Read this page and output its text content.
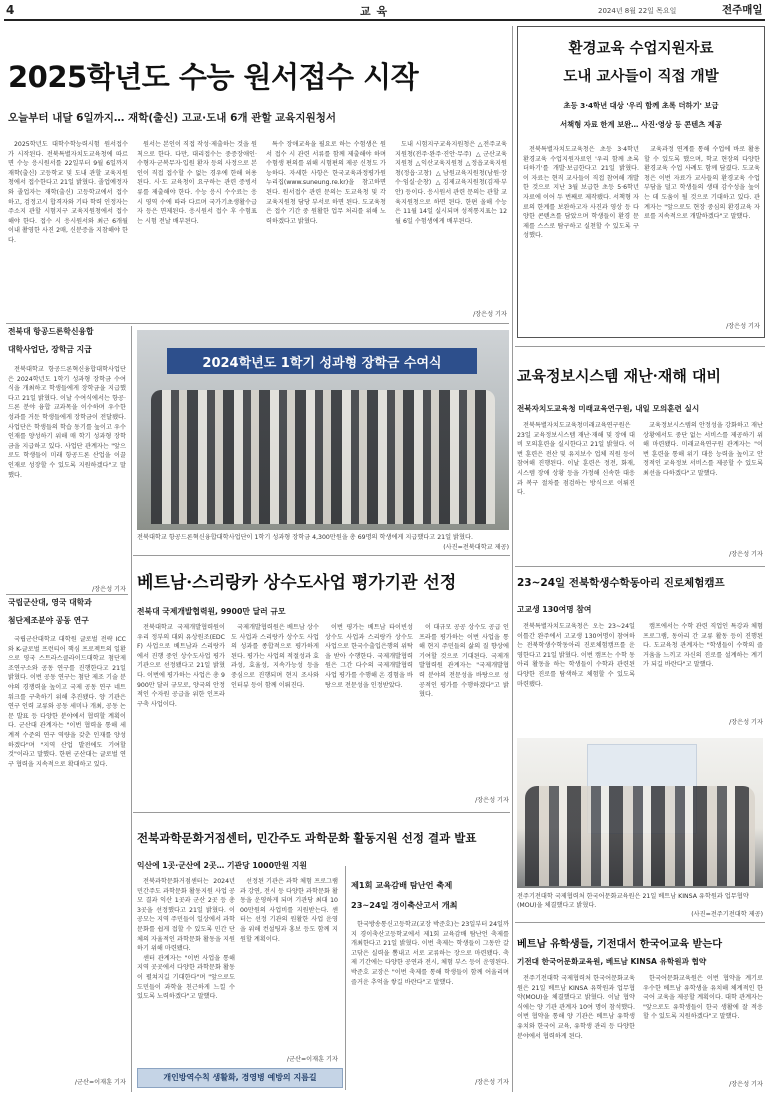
4	교 육	2024년 8월 22일 목요일	전주매일
2025학년도 수능 원서접수 시작
오늘부터 내달 6일까지… 재학(출신) 고교·도내 6개 관할 교육지원청서

2025학년도 대학수학능력시험 원서접수가 시작된다. 전북특별자치도교육청에 따르면 수능 응시원서를 22일부터 9월 6일까지 재학(출신) 고등학교 및 도내 관할 교육지원청에서 접수한다고 21일 밝혔다. 졸업예정자와 졸업자는 재학(출신) 고등학교에서 접수하고, 검정고시 합격자와 기타 학력 인정자는 주소지 관할 시험지구 교육지원청에서 접수해야 한다. 접수 시 응시원서와 최근 6개월 이내 촬영한 사진 2매, 신분증을 지참해야 한다.

원서는 본인이 직접 작성·제출하는 것을 원칙으로 한다. 다만, 대리접수는 중증장애인·수형자·군복무자·입원 환자 등의 사정으로 본인이 직접 접수할 수 없는 경우에 한해 허용된다. 시·도 교육청이 요구하는 관련 증빙서류를 제출해야 한다. 수능 응시 수수료는 응시 영역 수에 따라 다르며 국가기초생활수급자 등은 면제된다. 응시원서 접수 후 수험표는 시험 전날 배부된다.

특수 장애교육을 필요로 하는 수험생은 원서 접수 시 관련 서류를 함께 제출해야 하며 수험생 편의를 위해 시험편의 제공 신청도 가능하다. 자세한 사항은 한국교육과정평가원 누리집(www.suneung.re.kr)을 참고하면 된다. 원서접수 관련 문의는 도교육청 및 각 교육지원청 담당 부서로 하면 된다. 도교육청은 접수 기간 중 원활한 업무 처리를 위해 노력하겠다고 밝혔다.

도내 시험지구교육지원청은 △전주교육지원청(전주·완주·진안·무주) △군산교육지원청 △익산교육지원청 △정읍교육지원청(정읍·고창) △남원교육지원청(남원·장수·임실·순창) △김제교육지원청(김제·부안) 등이다. 응시원서 관련 문의는 관할 교육지원청으로 하면 된다. 한편 올해 수능은 11월 14일 실시되며 성적통지표는 12월 6일 수험생에게 배부된다.

/장은성 기자
환경교육 수업지원자료
도내 교사들이 직접 개발
초등 3·4학년 대상 '우리 함께 초록 더하기' 보급
서책형 자료 한계 보완… 사진·영상 등 콘텐츠 제공

전북특별자치도교육청은 초등 3·4학년 환경교육 수업지원자료인 '우리 함께 초록 더하기'를 개발·보급한다고 21일 밝혔다. 이 자료는 현직 교사들이 직접 참여해 개발한 것으로 지난 3월 보급한 초등 5·6학년 자료에 이어 두 번째로 제작됐다. 서책형 자료의 한계를 보완하고자 사진과 영상 등 다양한 콘텐츠를 담았으며 학생들이 환경 문제를 스스로 탐구하고 실천할 수 있도록 구성했다.

교육과정 연계를 통해 수업에 바로 활용할 수 있도록 했으며, 학교 현장의 다양한 환경교육 수업 사례도 함께 담겼다. 도교육청은 이번 자료가 교사들의 환경교육 수업 부담을 덜고 학생들의 생태 감수성을 높이는 데 도움이 될 것으로 기대하고 있다. 관계자는 "앞으로도 현장 중심의 환경교육 자료를 지속적으로 개발하겠다"고 말했다.

/장은성 기자
전북대 항공드론학신융합
대학사업단, 장학금 지급

전북대학교 항공드론혁신융합대학사업단은 2024학년도 1학기 성과형 장학금 수여식을 개최하고 학생들에게 장학금을 지급했다고 21일 밝혔다. 이날 수여식에서는 항공·드론 분야 융합 교과목을 이수하며 우수한 성과를 거둔 학생들에게 장학금이 전달됐다. 사업단은 학생들의 학습 동기를 높이고 우수 인재를 양성하기 위해 매 학기 성과형 장학금을 지급하고 있다. 사업단 관계자는 "앞으로도 학생들이 미래 항공드론 산업을 이끌 인재로 성장할 수 있도록 지원하겠다"고 말했다.

/장은성 기자
2024학년도 1학기 성과형 장학금 수여식
전북대학교 항공드론혁신융합대학사업단이 1학기 성과형 장학금 4,300만원을 총 69명의 학생에게 지급했다고 21일 밝혔다.
(사진=전북대학교 제공)
베트남·스리랑카 상수도사업 평가기관 선정
전북대 국제개발협력원, 9900만 달러 규모

전북대학교 국제개발협력원이 우리 정부의 대외 유상원조(EDCF) 사업으로 베트남과 스리랑카에서 진행 중인 상수도사업 평가기관으로 선정됐다고 21일 밝혔다. 이번에 평가하는 사업은 총 9900만 달러 규모로, 양국의 안정적인 수자원 공급을 위한 인프라 구축 사업이다.

국제개발협력원은 베트남 상수도 사업과 스리랑카 상수도 사업의 성과를 종합적으로 평가하게 된다. 평가는 사업의 적절성과 효과성, 효율성, 지속가능성 등을 중심으로 진행되며 현지 조사와 인터뷰 등이 함께 이뤄진다.

이번 평가는 베트남 타이빈성 상수도 사업과 스리랑카 상수도 사업으로 한국수출입은행의 위탁을 받아 수행한다. 국제개발협력원은 그간 다수의 국제개발협력 사업 평가를 수행해 온 경험을 바탕으로 전문성을 인정받았다.

이 대규모 공공 상수도 공급 인프라를 평가하는 이번 사업을 통해 현지 주민들의 삶의 질 향상에 기여할 것으로 기대된다. 국제개발협력원 관계자는 "국제개발협력 분야의 전문성을 바탕으로 성공적인 평가를 수행하겠다"고 밝혔다.

/장은성 기자
국립군산대, 영국 대학과
첨단제조분야 공동 연구

국립군산대학교 대학원 글로벌 전략 ICC와 K-글로벌 프런티어 핵심 프로젝트의 일환으로 영국 스트라스클라이드대학교 첨단제조연구소와 공동 연구를 진행한다고 21일 밝혔다. 이번 공동 연구는 첨단 제조 기술 분야의 경쟁력을 높이고 국제 공동 연구 네트워크를 구축하기 위해 추진됐다. 양 기관은 연구 인력 교류와 공동 세미나 개최, 공동 논문 발표 등 다양한 분야에서 협력할 계획이다. 군산대 관계자는 "이번 협력을 통해 세계적 수준의 연구 역량을 갖춘 인재를 양성하겠다"며 "지역 산업 발전에도 기여할 것"이라고 말했다. 한편 군산대는 글로벌 연구 협력을 지속적으로 확대하고 있다.

/군산=이재훈 기자
전북과학문화거점센터, 민간주도 과학문화 활동지원 선정 결과 발표
익산에 1곳·군산에 2곳… 기관당 1000만원 지원

전북과학문화거점센터는 2024년 민간주도 과학문화 활동지원 사업 공모 결과 익산 1곳과 군산 2곳 등 총 3곳을 선정했다고 21일 밝혔다. 이 공모는 지역 주민들이 일상에서 과학문화를 쉽게 접할 수 있도록 민간 단체의 자율적인 과학문화 활동을 지원하기 위해 마련됐다.

센터 관계자는 "이번 사업을 통해 지역 곳곳에서 다양한 과학문화 활동이 펼쳐지길 기대한다"며 "앞으로도 도민들이 과학을 친근하게 느낄 수 있도록 노력하겠다"고 말했다.

선정된 기관은 과학 체험 프로그램과 강연, 전시 등 다양한 과학문화 활동을 운영하게 되며 기관당 최대 1000만원의 사업비를 지원받는다. 센터는 선정 기관의 원활한 사업 운영을 위해 컨설팅과 홍보 등도 함께 지원할 계획이다.

/군산=이재훈 기자
개인방역수칙 생활화, 경영병 예방의 지름길
제1회 교육감배 탐난언 축제
23~24일 경이축산고서 개최

한국방송통신고등학교(교장 박준호)는 23일부터 24일까지 경이축산고등학교에서 제1회 교육감배 탐난언 축제를 개최한다고 21일 밝혔다. 이번 축제는 학생들이 그동안 갈고닦은 실력을 뽐내고 서로 교류하는 장으로 마련됐다. 축제 기간에는 다양한 공연과 전시, 체험 부스 등이 운영된다. 박준호 교장은 "이번 축제를 통해 학생들이 함께 어울리며 즐거운 추억을 쌓길 바란다"고 말했다.

/장은성 기자
교육정보시스템 재난·재해 대비
전북자치도교육청 미래교육연구원, 내일 모의훈련 실시

전북특별자치도교육청미래교육연구원은 23일 교육정보시스템 재난·재해 및 장애 대비 모의훈련을 실시한다고 21일 밝혔다. 이번 훈련은 전산 및 유지보수 업체 직원 등이 참여해 진행된다. 이날 훈련은 정전, 화재, 시스템 장애 상황 등을 가정해 신속한 대응과 복구 절차를 점검하는 방식으로 이뤄진다.

교육정보시스템의 안정성을 강화하고 재난 상황에서도 중단 없는 서비스를 제공하기 위해 마련됐다. 미래교육연구원 관계자는 "이번 훈련을 통해 위기 대응 능력을 높이고 안정적인 교육정보 서비스를 제공할 수 있도록 최선을 다하겠다"고 말했다.

/장은성 기자
23~24일 전북학생수학동아리 진로체험캠프
고교생 130여명 참여

전북특별자치도교육청은 오는 23~24일 이틀간 완주에서 고교생 130여명이 참여하는 전북학생수학동아리 진로체험캠프를 운영한다고 21일 밝혔다. 이번 캠프는 수학 동아리 활동을 하는 학생들이 수학과 관련된 다양한 진로를 탐색하고 체험할 수 있도록 마련됐다.

캠프에서는 수학 관련 직업인 특강과 체험 프로그램, 동아리 간 교류 활동 등이 진행된다. 도교육청 관계자는 "학생들이 수학의 즐거움을 느끼고 자신의 진로를 설계하는 계기가 되길 바란다"고 말했다.

/장은성 기자
전주기전대학 국제협력처 한국어문화교육원은 21일 베트남 KINSA 유학원과 업무협약(MOU)을 체결했다고 밝혔다.
(사진=전주기전대학 제공)
베트남 유학생들, 기전대서 한국어교육 받는다
기전대 한국어문화교육원, 베트남 KINSA 유학원과 협약

전주기전대학 국제협력처 한국어문화교육원은 21일 베트남 KINSA 유학원과 업무협약(MOU)을 체결했다고 밝혔다. 이날 협약식에는 양 기관 관계자 10여 명이 참석했다. 이번 협약을 통해 양 기관은 베트남 유학생 유치와 한국어 교육, 유학생 관리 등 다양한 분야에서 협력하게 된다.

한국어문화교육원은 이번 협약을 계기로 우수한 베트남 유학생을 유치해 체계적인 한국어 교육을 제공할 계획이다. 대학 관계자는 "앞으로도 유학생들이 한국 생활에 잘 적응할 수 있도록 지원하겠다"고 말했다.

/장은성 기자
